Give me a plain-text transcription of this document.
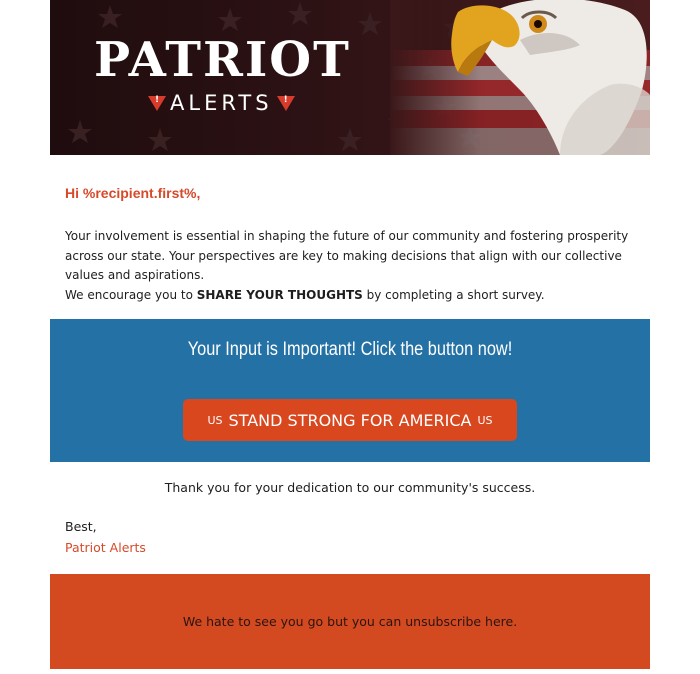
PATRIOT
! ALERTS !
Hi %recipient.first%,
Your involvement is essential in shaping the future of our community and fostering prosperity across our state. Your perspectives are key to making decisions that align with our collective values and aspirations.
We encourage you to SHARE YOUR THOUGHTS by completing a short survey.
Your Input is Important! Click the button now!
US STAND STRONG FOR AMERICA US
Thank you for your dedication to our community's success.
Best,
Patriot Alerts
We hate to see you go but you can unsubscribe here.
